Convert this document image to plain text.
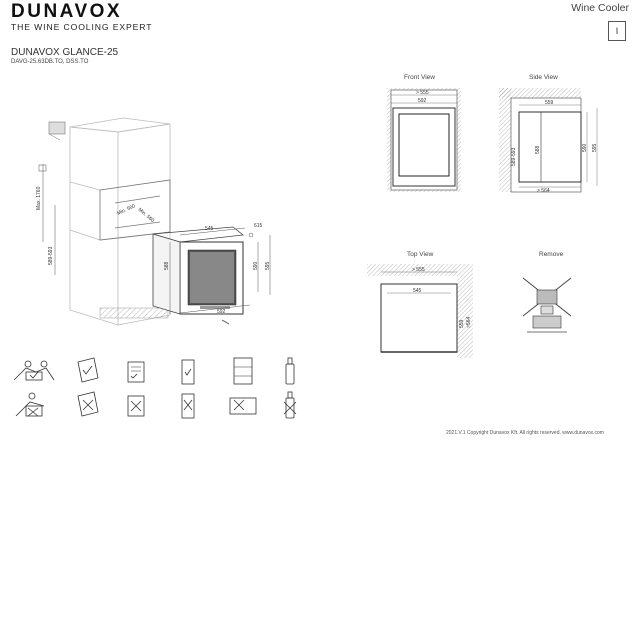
DUNAVOX
THE WINE COOLING EXPERT
Wine Cooler
I
DUNAVOX GLANCE-25
DAVG-25.63DB.TO, DSS.TO
Front View	Side View
Top View	Remove
Max. 1760
589-593
Min. 560 Min. 560
545	615
588	590 595
592
> 555
592	559
589-593	588	590 595
> 564
> 555
545
559 >564
2021.V.1 Copyright Dunavox Kft. All rights reserved. www.dunavox.com
